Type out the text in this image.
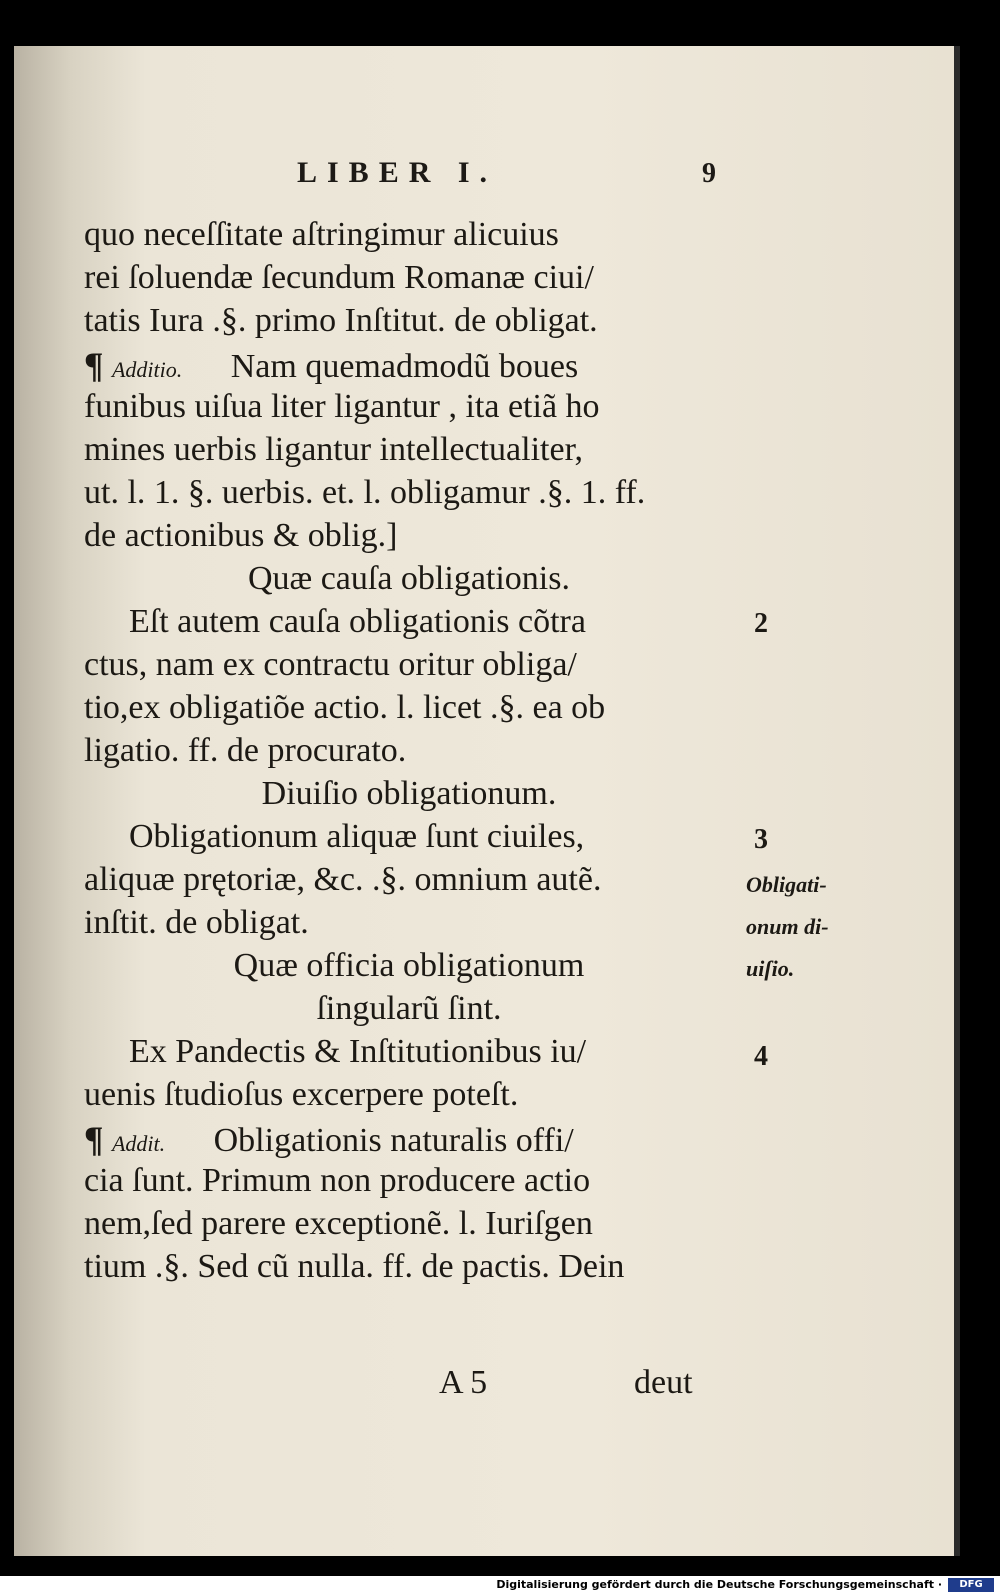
LIBER I.	9
quo neceſſitate aſtringimur alicuius
rei ſoluendæ ſecundum Romanæ ciui/
tatis Iura .§. primo Inſtitut. de obligat.
¶ Additio. Nam quemadmodũ boues
funibus uiſua liter ligantur , ita etiã ho
mines uerbis ligantur intellectualiter,
ut. l. 1. §. uerbis. et. l. obligamur .§. 1. ff.
de actionibus & oblig.]
Quæ cauſa obligationis.
Eſt autem cauſa obligationis cõtra
ctus, nam ex contractu oritur obliga/
tio,ex obligatiõe actio. l. licet .§. ea ob
ligatio. ff. de procurato.
Diuiſio obligationum.
Obligationum aliquæ ſunt ciuiles,
aliquæ prętoriæ, &c. .§. omnium autẽ.
inſtit. de obligat.
Quæ officia obligationum
ſingularũ ſint.
Ex Pandectis & Inſtitutionibus iu/
uenis ſtudioſus excerpere poteſt.
¶ Addit. Obligationis naturalis offi/
cia ſunt. Primum non producere actio
nem,ſed parere exceptionẽ. l. Iuriſgen
tium .§. Sed cũ nulla. ff. de pactis. Dein
2
3
Obligati-
onum di-
uiſio.
4
A 5	deut
Digitalisierung gefördert durch die Deutsche Forschungsgemeinschaft ·	DFG
